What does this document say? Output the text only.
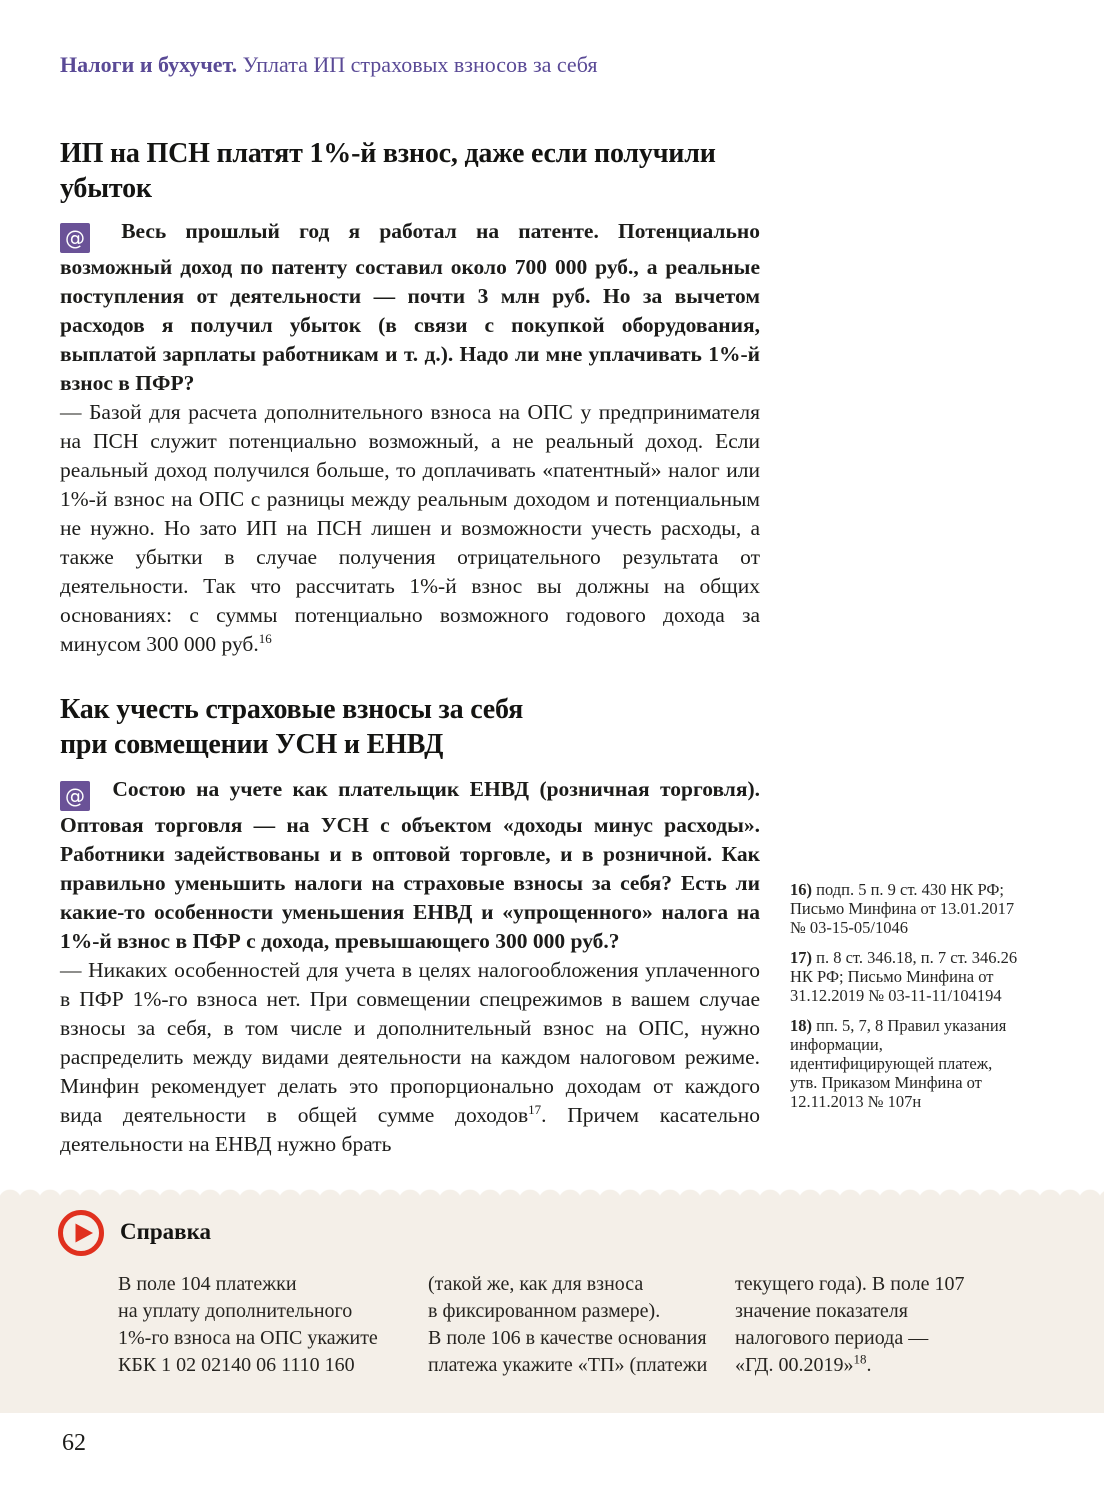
Налоги и бухучет. Уплата ИП страховых взносов за себя
ИП на ПСН платят 1%-й взнос, даже если получили
убыток

@ Весь прошлый год я работал на патенте. Потенциально возможный доход по патенту составил около 700 000 руб., а реальные поступления от деятельности — почти 3 млн руб. Но за вычетом расходов я получил убыток (в связи с покупкой оборудования, выплатой зарплаты работникам и т. д.). Надо ли мне уплачивать 1%-й взнос в ПФР?

— Базой для расчета дополнительного взноса на ОПС у предпринимателя на ПСН служит потенциально возможный, а не реальный доход. Если реальный доход получился больше, то доплачивать «патентный» налог или 1%-й взнос на ОПС с разницы между реальным доходом и потенциальным не нужно. Но зато ИП на ПСН лишен и возможности учесть расходы, а также убытки в случае получения отрицательного результата от деятельности. Так что рассчитать 1%-й взнос вы должны на общих основаниях: с суммы потенциально возможного годового дохода за минусом 300 000 руб.$^{16}$

Как учесть страховые взносы за себя
при совмещении УСН и ЕНВД

@ Состою на учете как плательщик ЕНВД (розничная торговля). Оптовая торговля — на УСН с объектом «доходы минус расходы». Работники задействованы и в оптовой торговле, и в розничной. Как правильно уменьшить налоги на страховые взносы за себя? Есть ли какие-то особенности уменьшения ЕНВД и «упрощенного» налога на 1%-й взнос в ПФР с дохода, превышающего 300 000 руб.?

— Никаких особенностей для учета в целях налогообложения уплаченного в ПФР 1%-го взноса нет. При совмещении спецрежимов в вашем случае взносы за себя, в том числе и дополнительный взнос на ОПС, нужно распределить между видами деятельности на каждом налоговом режиме. Минфин рекомендует делать это пропорционально доходам от каждого вида деятельности в общей сумме доходов$^{17}$. Причем касательно деятельности на ЕНВД нужно брать

16) подп. 5 п. 9 ст. 430 НК РФ; Письмо Минфина от 13.01.2017 № 03-15-05/1046

17) п. 8 ст. 346.18, п. 7 ст. 346.26 НК РФ; Письмо Минфина от 31.12.2019 № 03-11-11/104194

18) пп. 5, 7, 8 Правил указания информации, идентифицирующей платеж, утв. Приказом Минфина от 12.11.2013 № 107н

Справка
В поле 104 платежки
на уплату дополнительного
1%-го взноса на ОПС укажите
КБК 1 02 02140 06 1110 160
(такой же, как для взноса
в фиксированном размере).
В поле 106 в качестве основания
платежа укажите «ТП» (платежи
текущего года). В поле 107
значение показателя
налогового периода —
«ГД. 00.2019»$^{18}$.
62
